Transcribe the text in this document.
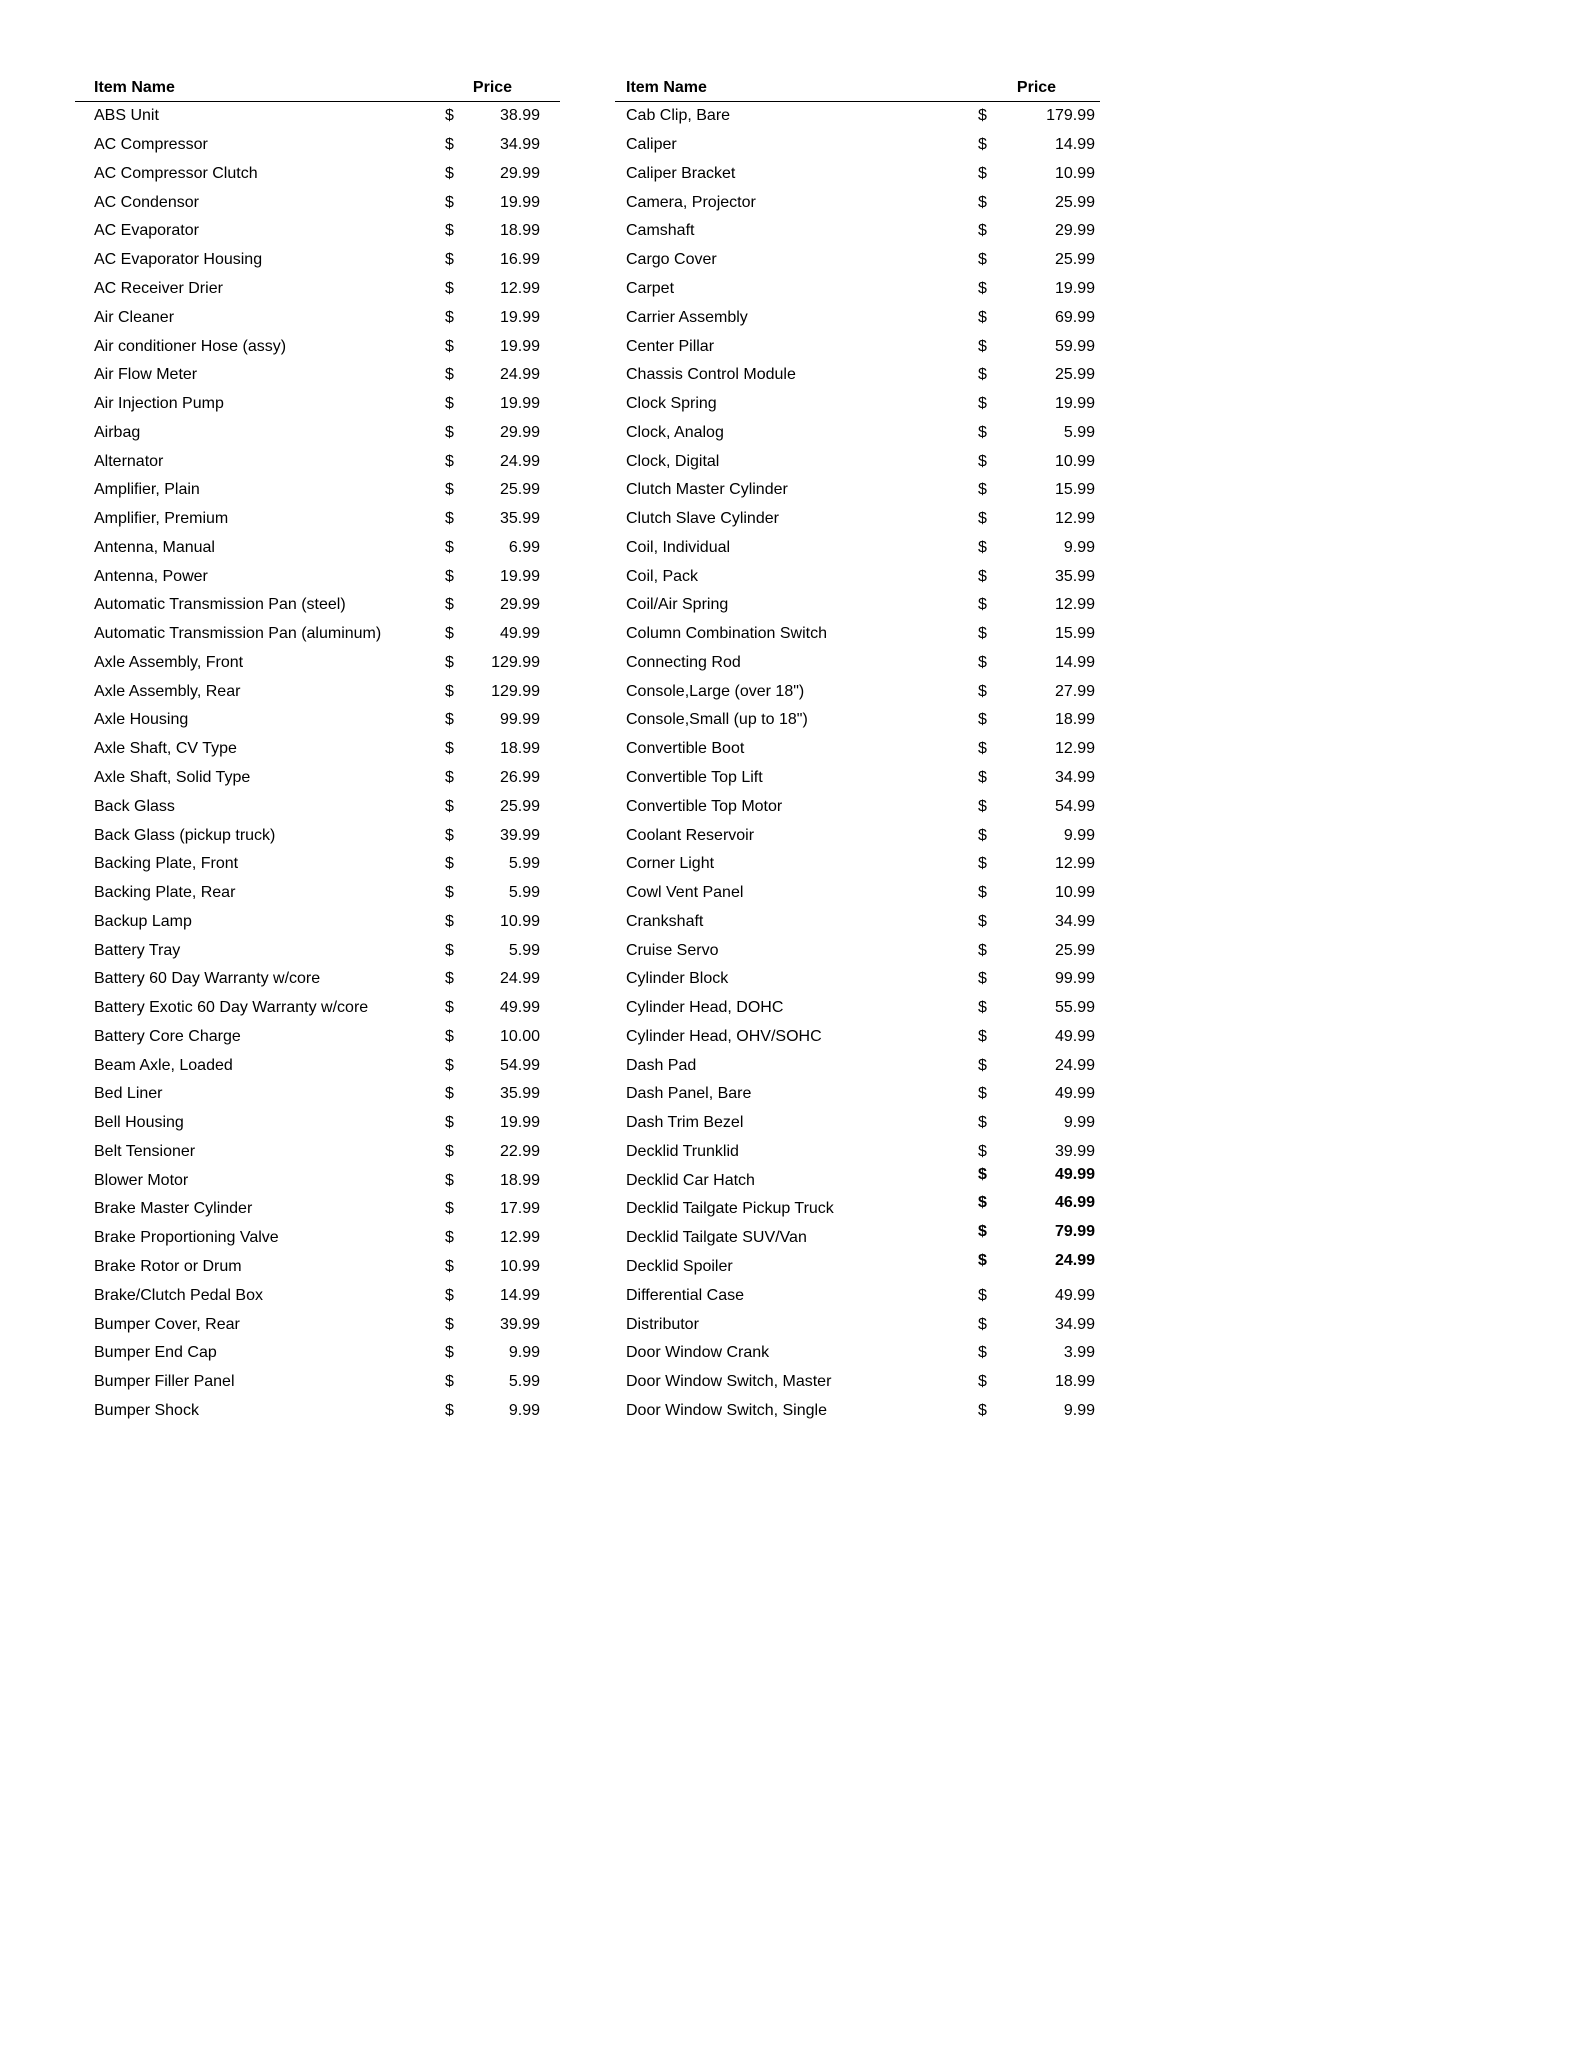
Item Name	Price
ABS Unit	$	38.99
AC Compressor	$	34.99
AC Compressor Clutch	$	29.99
AC Condensor	$	19.99
AC Evaporator	$	18.99
AC Evaporator Housing	$	16.99
AC Receiver Drier	$	12.99
Air Cleaner	$	19.99
Air conditioner Hose (assy)	$	19.99
Air Flow Meter	$	24.99
Air Injection Pump	$	19.99
Airbag	$	29.99
Alternator	$	24.99
Amplifier, Plain	$	25.99
Amplifier, Premium	$	35.99
Antenna, Manual	$	6.99
Antenna, Power	$	19.99
Automatic Transmission Pan (steel)	$	29.99
Automatic Transmission Pan (aluminum)	$	49.99
Axle Assembly, Front	$	129.99
Axle Assembly, Rear	$	129.99
Axle Housing	$	99.99
Axle Shaft, CV Type	$	18.99
Axle Shaft, Solid Type	$	26.99
Back Glass	$	25.99
Back Glass (pickup truck)	$	39.99
Backing Plate, Front	$	5.99
Backing Plate, Rear	$	5.99
Backup Lamp	$	10.99
Battery Tray	$	5.99
Battery 60 Day Warranty w/core	$	24.99
Battery Exotic 60 Day Warranty w/core	$	49.99
Battery Core Charge	$	10.00
Beam Axle, Loaded	$	54.99
Bed Liner	$	35.99
Bell Housing	$	19.99
Belt Tensioner	$	22.99
Blower Motor	$	18.99
Brake Master Cylinder	$	17.99
Brake Proportioning Valve	$	12.99
Brake Rotor or Drum	$	10.99
Brake/Clutch Pedal Box	$	14.99
Bumper Cover, Rear	$	39.99
Bumper End Cap	$	9.99
Bumper Filler Panel	$	5.99
Bumper Shock	$	9.99
Item Name	Price
Cab Clip, Bare	$	179.99
Caliper	$	14.99
Caliper Bracket	$	10.99
Camera, Projector	$	25.99
Camshaft	$	29.99
Cargo Cover	$	25.99
Carpet	$	19.99
Carrier Assembly	$	69.99
Center Pillar	$	59.99
Chassis Control Module	$	25.99
Clock Spring	$	19.99
Clock, Analog	$	5.99
Clock, Digital	$	10.99
Clutch Master Cylinder	$	15.99
Clutch Slave Cylinder	$	12.99
Coil, Individual	$	9.99
Coil, Pack	$	35.99
Coil/Air Spring	$	12.99
Column Combination Switch	$	15.99
Connecting Rod	$	14.99
Console,Large (over 18")	$	27.99
Console,Small (up to 18")	$	18.99
Convertible Boot	$	12.99
Convertible Top Lift	$	34.99
Convertible Top Motor	$	54.99
Coolant Reservoir	$	9.99
Corner Light	$	12.99
Cowl Vent Panel	$	10.99
Crankshaft	$	34.99
Cruise Servo	$	25.99
Cylinder Block	$	99.99
Cylinder Head, DOHC	$	55.99
Cylinder Head, OHV/SOHC	$	49.99
Dash Pad	$	24.99
Dash Panel, Bare	$	49.99
Dash Trim Bezel	$	9.99
Decklid Trunklid	$	39.99
Decklid Car Hatch	$	49.99
Decklid Tailgate Pickup Truck	$	46.99
Decklid Tailgate SUV/Van	$	79.99
Decklid Spoiler	$	24.99
Differential Case	$	49.99
Distributor	$	34.99
Door Window Crank	$	3.99
Door Window Switch, Master	$	18.99
Door Window Switch, Single	$	9.99
